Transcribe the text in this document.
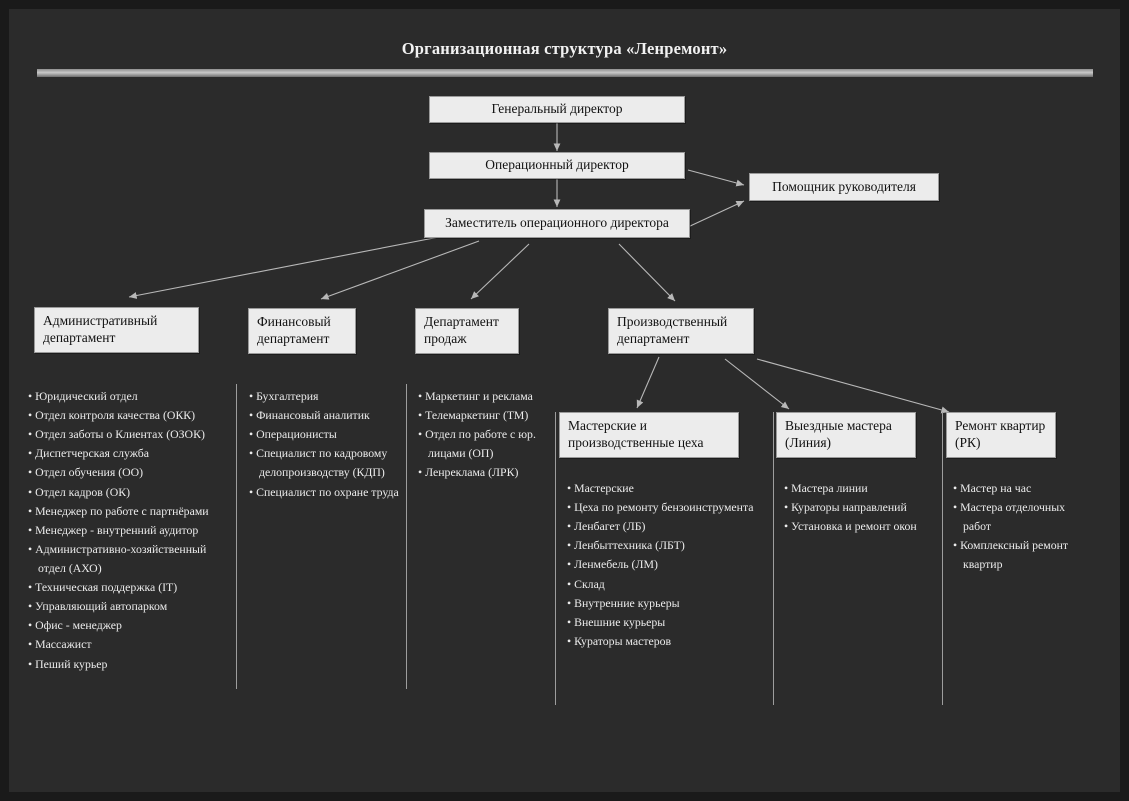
Организационная структура «Ленремонт»
Генеральный директор
Операционный директор
Помощник руководителя
Заместитель операционного директора
Административный департамент
Финансовый департамент
Департамент продаж
Производственный департамент
Мастерские и производственные цеха
Выездные мастера (Линия)
Ремонт квартир (РК)
• Юридический отдел
• Отдел контроля качества (ОКК)
• Отдел заботы о Клиентах (ОЗОК)
• Диспетчерская служба
• Отдел обучения (ОО)
• Отдел кадров (ОК)
• Менеджер по работе с партнёрами
• Менеджер - внутренний аудитор
• Административно-хозяйственный отдел (АХО)
• Техническая поддержка (IT)
• Управляющий автопарком
• Офис - менеджер
• Массажист
• Пеший курьер
• Бухгалтерия
• Финансовый аналитик
• Операционисты
• Специалист по кадровому делопроизводству (КДП)
• Специалист по охране труда
• Маркетинг и реклама
• Телемаркетинг (ТМ)
• Отдел по работе с юр. лицами (ОП)
• Ленреклама (ЛРК)
• Мастерские
• Цеха по ремонту бензоинструмента
• Ленбагет (ЛБ)
• Ленбыттехника (ЛБТ)
• Ленмебель (ЛМ)
• Склад
• Внутренние курьеры
• Внешние курьеры
• Кураторы мастеров
• Мастера линии
• Кураторы направлений
• Установка и ремонт окон
• Мастер на час
• Мастера отделочных работ
• Комплексный ремонт квартир
